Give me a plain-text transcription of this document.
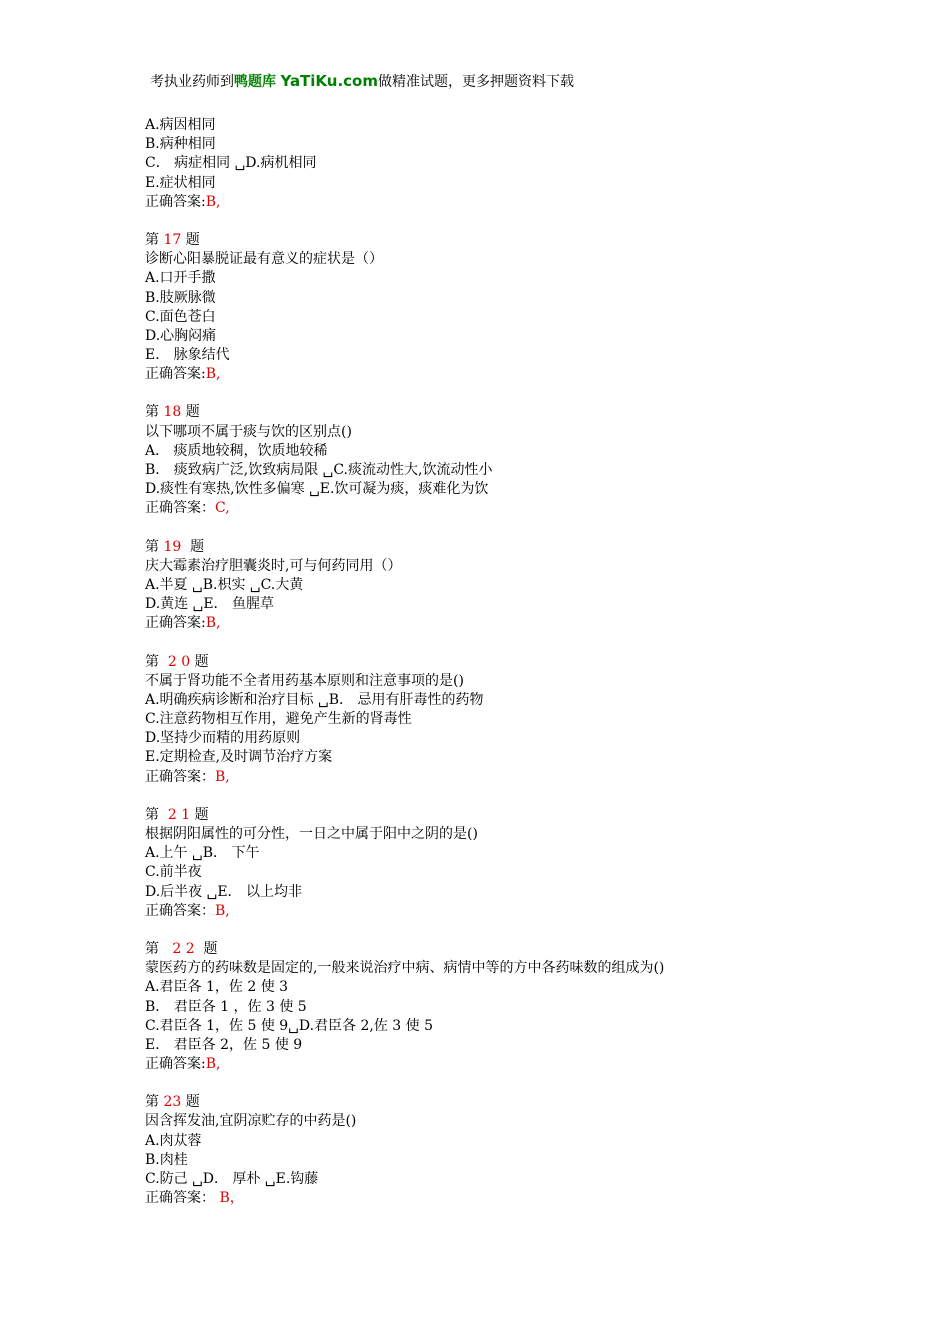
考执业药师到鸭题库 YaTiKu.com做精准试题，更多押题资料下载
A.病因相同
B.病种相同
C． 病症相同 ␣D.病机相同
E.症状相同
正确答案:B,
第 17 题
诊断心阳暴脱证最有意义的症状是（）
A.口开手撒
B.肢厥脉微
C.面色苍白
D.心胸闷痛
E． 脉象结代
正确答案:B,
第 18 题
以下哪项不属于痰与饮的区别点()
A． 痰质地较稠，饮质地较稀
B． 痰致病广泛,饮致病局限 ␣C.痰流动性大,饮流动性小
D.痰性有寒热,饮性多偏寒 ␣E.饮可凝为痰，痰难化为饮
正确答案：C,
第 19  题
庆大霉素治疗胆囊炎时,可与何药同用（）
A.半夏 ␣B.枳实 ␣C.大黄
D.黄连 ␣E． 鱼腥草
正确答案:B,
第  2 0 题
不属于肾功能不全者用药基本原则和注意事项的是()
A.明确疾病诊断和治疗目标 ␣B． 忌用有肝毒性的药物
C.注意药物相互作用，避免产生新的肾毒性
D.坚持少而精的用药原则
E.定期检查,及时调节治疗方案
正确答案：B,
第  2 1 题
根据阴阳属性的可分性，一日之中属于阳中之阴的是()
A.上午 ␣B． 下午
C.前半夜
D.后半夜 ␣E． 以上均非
正确答案：B,
第   2 2  题
蒙医药方的药味数是固定的,一般来说治疗中病、病情中等的方中各药味数的组成为()
A.君臣各 1，佐 2 使 3
B． 君臣各 1 ，佐 3 使 5
C.君臣各 1，佐 5 使 9␣D.君臣各 2,佐 3 使 5
E． 君臣各 2，佐 5 使 9
正确答案:B,
第 23 题
因含挥发油,宜阴凉贮存的中药是()
A.肉苁蓉
B.肉桂
C.防己 ␣D． 厚朴 ␣E.钩藤
正确答案： B，
